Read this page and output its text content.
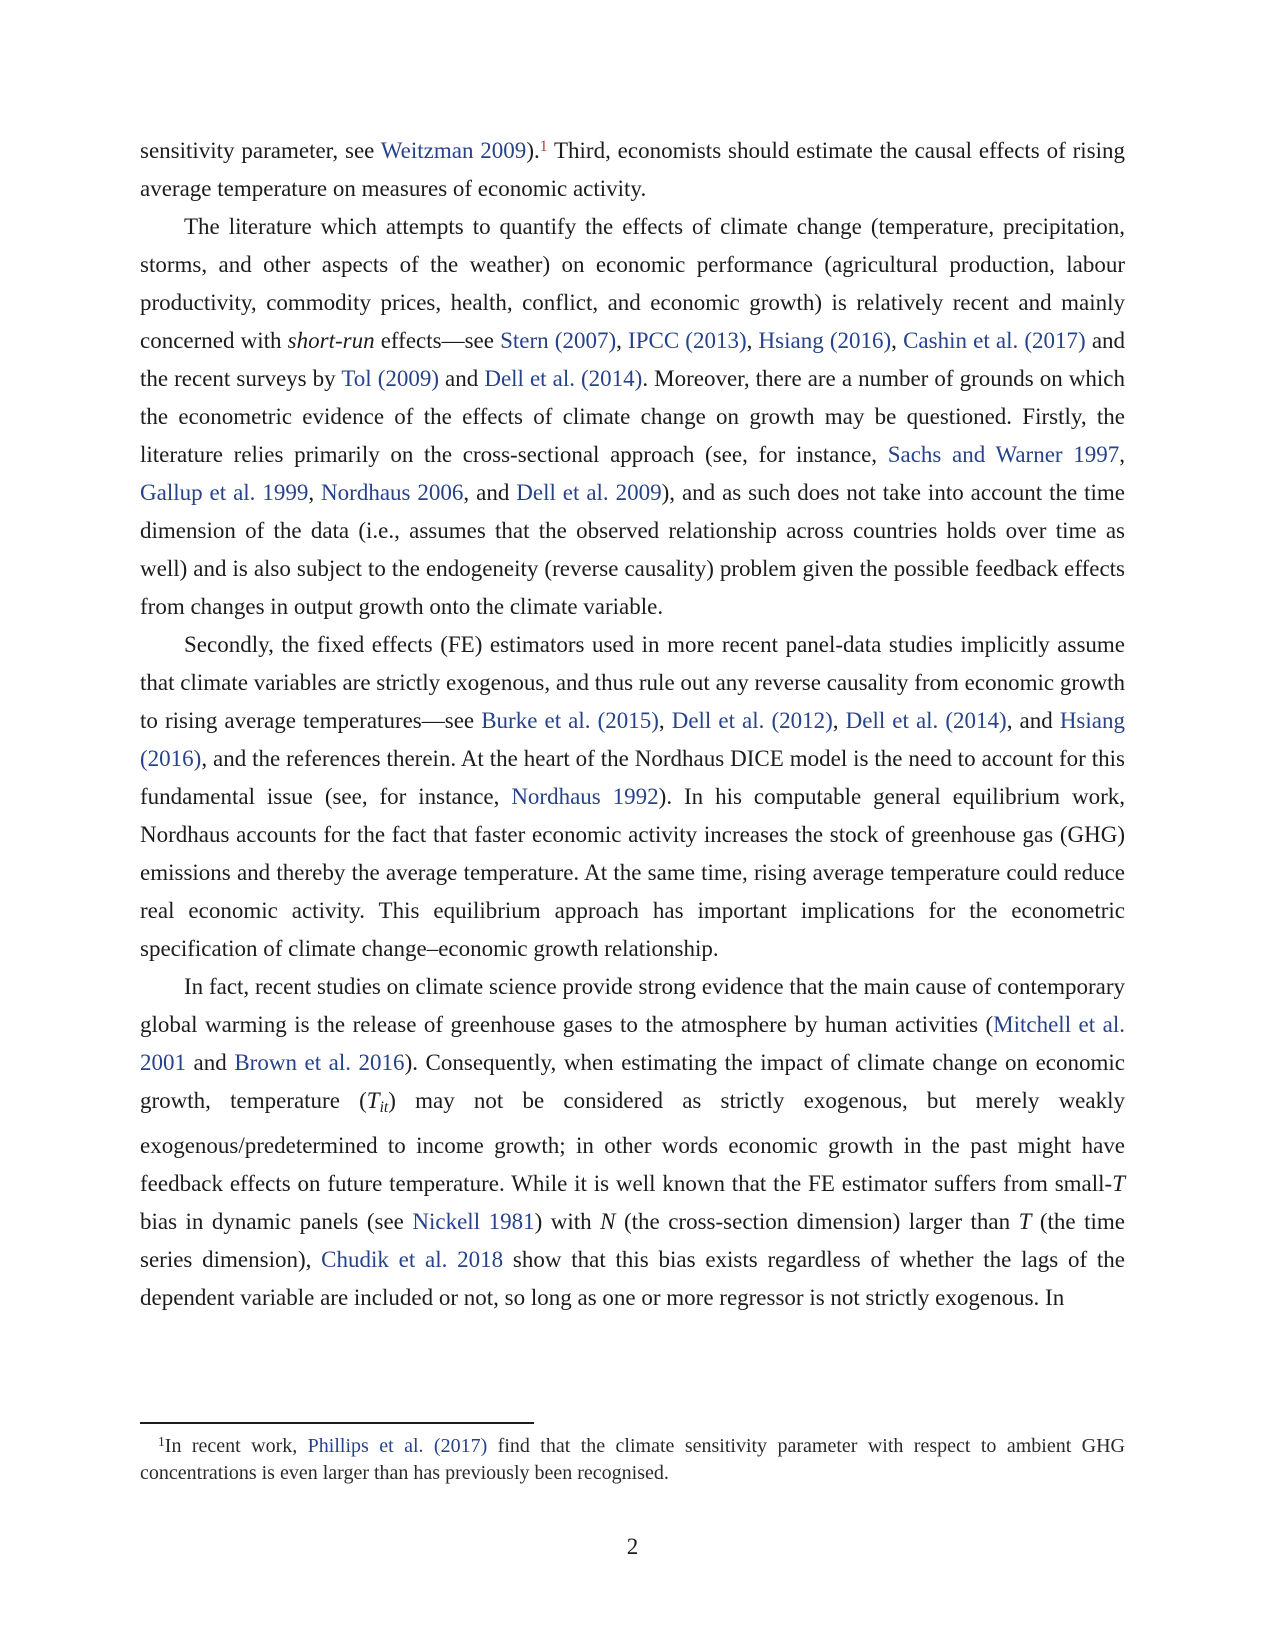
sensitivity parameter, see Weitzman 2009).$^1$ Third, economists should estimate the causal effects of rising average temperature on measures of economic activity.

The literature which attempts to quantify the effects of climate change (temperature, precipitation, storms, and other aspects of the weather) on economic performance (agricultural production, labour productivity, commodity prices, health, conflict, and economic growth) is relatively recent and mainly concerned with short-run effects—see Stern (2007), IPCC (2013), Hsiang (2016), Cashin et al. (2017) and the recent surveys by Tol (2009) and Dell et al. (2014). Moreover, there are a number of grounds on which the econometric evidence of the effects of climate change on growth may be questioned. Firstly, the literature relies primarily on the cross-sectional approach (see, for instance, Sachs and Warner 1997, Gallup et al. 1999, Nordhaus 2006, and Dell et al. 2009), and as such does not take into account the time dimension of the data (i.e., assumes that the observed relationship across countries holds over time as well) and is also subject to the endogeneity (reverse causality) problem given the possible feedback effects from changes in output growth onto the climate variable.

Secondly, the fixed effects (FE) estimators used in more recent panel-data studies implicitly assume that climate variables are strictly exogenous, and thus rule out any reverse causality from economic growth to rising average temperatures—see Burke et al. (2015), Dell et al. (2012), Dell et al. (2014), and Hsiang (2016), and the references therein. At the heart of the Nordhaus DICE model is the need to account for this fundamental issue (see, for instance, Nordhaus 1992). In his computable general equilibrium work, Nordhaus accounts for the fact that faster economic activity increases the stock of greenhouse gas (GHG) emissions and thereby the average temperature. At the same time, rising average temperature could reduce real economic activity. This equilibrium approach has important implications for the econometric specification of climate change–economic growth relationship.

In fact, recent studies on climate science provide strong evidence that the main cause of contemporary global warming is the release of greenhouse gases to the atmosphere by human activities (Mitchell et al. 2001 and Brown et al. 2016). Consequently, when estimating the impact of climate change on economic growth, temperature $(T_{it})$ may not be considered as strictly exogenous, but merely weakly exogenous/predetermined to income growth; in other words economic growth in the past might have feedback effects on future temperature. While it is well known that the FE estimator suffers from small-T bias in dynamic panels (see Nickell 1981) with N (the cross-section dimension) larger than T (the time series dimension), Chudik et al. 2018 show that this bias exists regardless of whether the lags of the dependent variable are included or not, so long as one or more regressor is not strictly exogenous. In

$^1$In recent work, Phillips et al. (2017) find that the climate sensitivity parameter with respect to ambient GHG concentrations is even larger than has previously been recognised.
2
